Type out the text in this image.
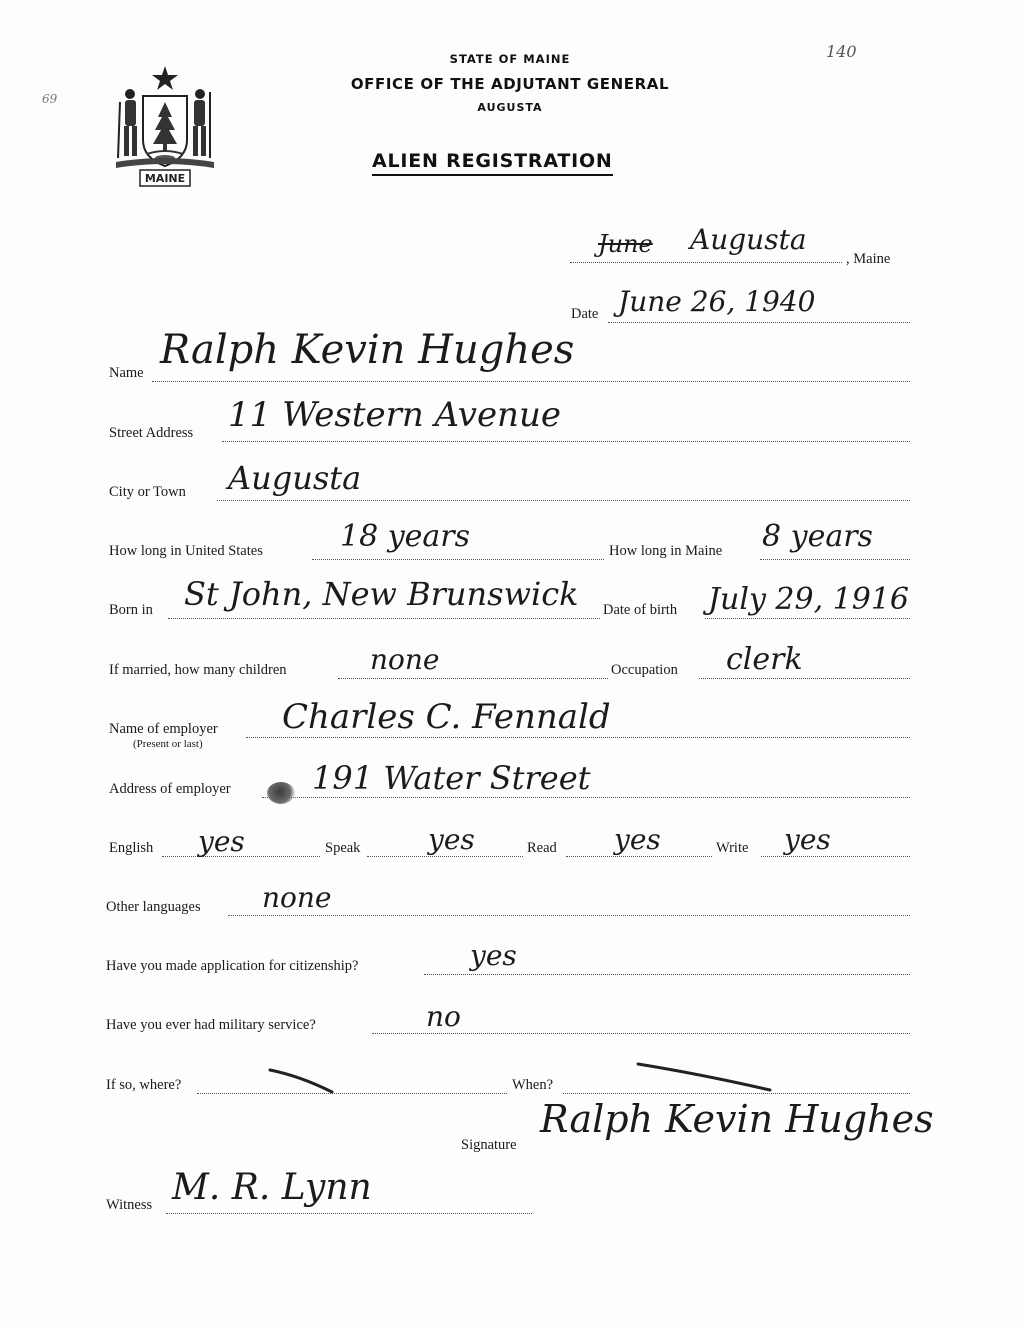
69
140
MAINE
STATE OF MAINE
OFFICE OF THE ADJUTANT GENERAL
AUGUSTA
ALIEN REGISTRATION
June Augusta
, Maine
Date June 26, 1940
Name Ralph Kevin Hughes
Street Address 11 Western Avenue
City or Town Augusta
How long in United States	18 years	How long in Maine 8 years
Born in St John, New Brunswick Date of birth July 29, 1916
If married, how many children	none	Occupation clerk
Name of employer
(Present or last)
Charles C. Fennald
Address of employer	191 Water Street
English yes	Speak yes	Read yes	Write yes
Other languages none
Have you made application for citizenship?	yes
Have you ever had military service?	no
If so, where?	When?
Signature
Ralph Kevin Hughes
Witness M. R. Lynn
